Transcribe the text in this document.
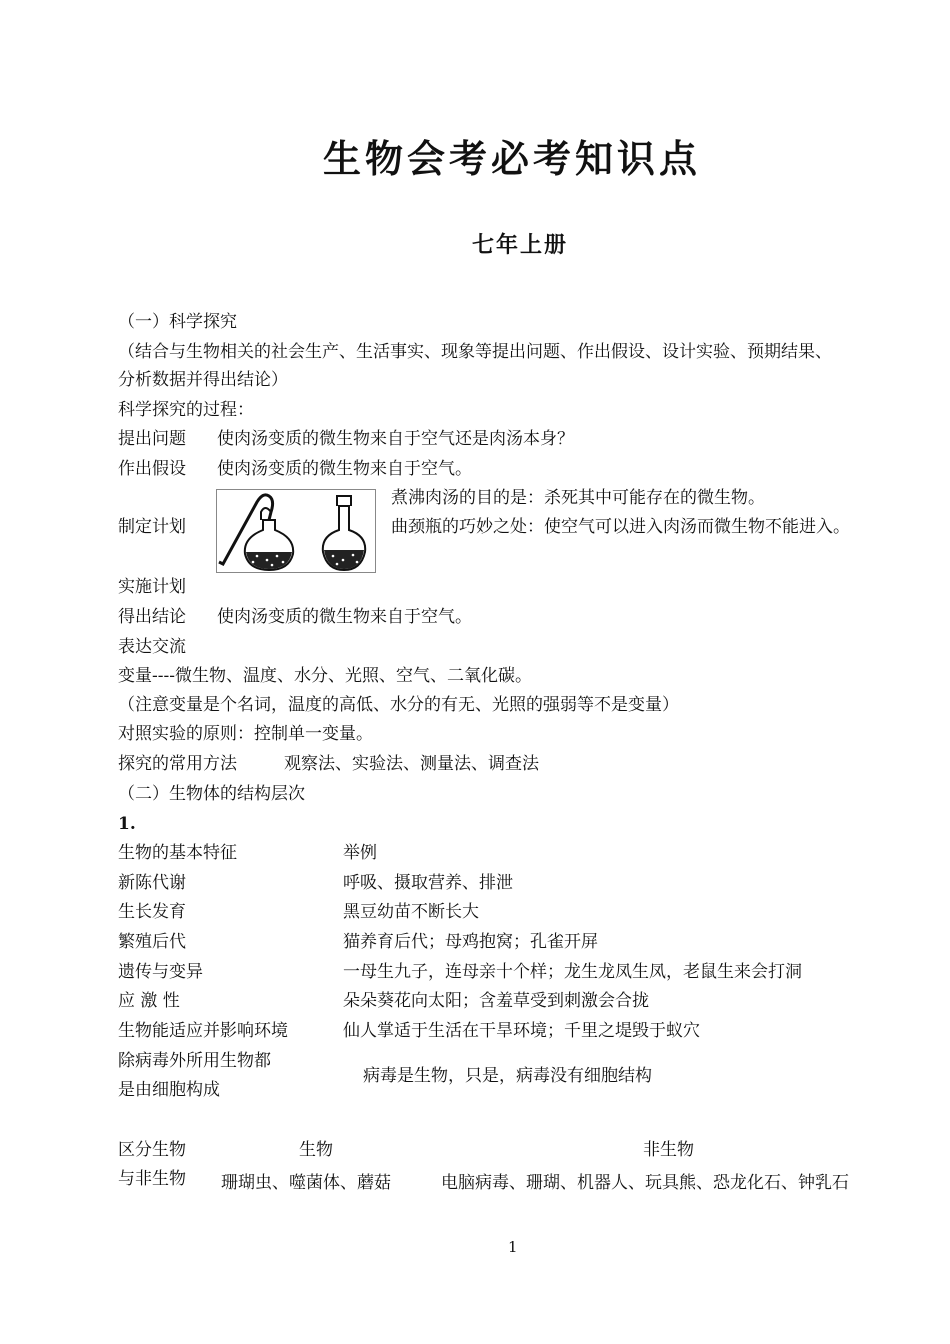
生物会考必考知识点
七年上册
（一）科学探究
（结合与生物相关的社会生产、生活事实、现象等提出问题、作出假设、设计实验、预期结果、
分析数据并得出结论）
科学探究的过程：
提出问题 使肉汤变质的微生物来自于空气还是肉汤本身？
作出假设 使肉汤变质的微生物来自于空气。
制定计划
煮沸肉汤的目的是：杀死其中可能存在的微生物。
曲颈瓶的巧妙之处：使空气可以进入肉汤而微生物不能进入。
实施计划
得出结论 使肉汤变质的微生物来自于空气。
表达交流
变量----微生物、温度、水分、光照、空气、二氧化碳。
（注意变量是个名词，温度的高低、水分的有无、光照的强弱等不是变量）
对照实验的原则：控制单一变量。
探究的常用方法	观察法、实验法、测量法、调查法
（二）生物体的结构层次
1.
生物的基本特征	举例
新陈代谢	呼吸、摄取营养、排泄
生长发育	黑豆幼苗不断长大
繁殖后代	猫养育后代；母鸡抱窝；孔雀开屏
遗传与变异	一母生九子，连母亲十个样；龙生龙凤生凤，老鼠生来会打洞
应 激 性	朵朵葵花向太阳；含羞草受到刺激会合拢
生物能适应并影响环境	仙人掌适于生活在干旱环境；千里之堤毁于蚁穴
除病毒外所用生物都
是由细胞构成
病毒是生物，只是，病毒没有细胞结构
区分生物
与非生物
生物	非生物
珊瑚虫、噬菌体、蘑菇	电脑病毒、珊瑚、机器人、玩具熊、恐龙化石、钟乳石
1
